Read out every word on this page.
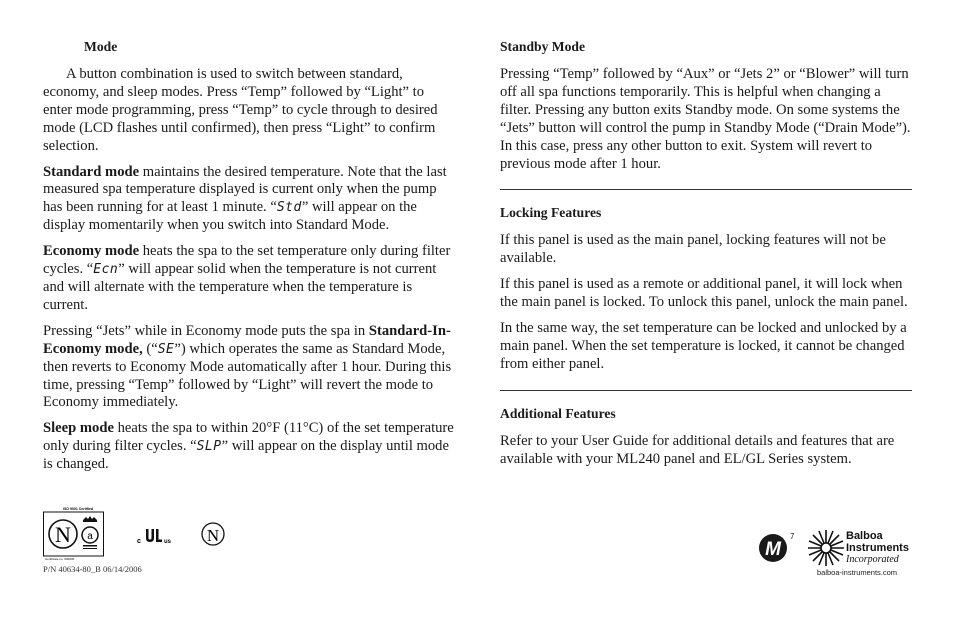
Mode

A button combination is used to switch between standard, economy, and sleep modes. Press “Temp” followed by “Light” to enter mode programming, press “Temp” to cycle through to desired mode (LCD flashes until confirmed), then press “Light” to confirm selection.

Standard mode maintains the desired temperature. Note that the last measured spa temperature displayed is current only when the pump has been running for at least 1 minute. “Std” will appear on the display momentarily when you switch into Standard Mode.

Economy mode heats the spa to the set temperature only during filter cycles. “Ecn” will appear solid when the temperature is not current and will alternate with the temperature when the temperature is current.

Pressing “Jets” while in Economy mode puts the spa in Standard-In-Economy mode, (“SE”) which operates the same as Standard Mode, then reverts to Economy Mode automatically after 1 hour. During this time, pressing “Temp” followed by “Light” will revert the mode to Economy immediately.

Sleep mode heats the spa to within 20°F (11°C) of the set temperature only during filter cycles. “SLP” will appear on the display until mode is changed.

Standby Mode

Pressing “Temp” followed by “Aux” or “Jets 2” or “Blower” will turn off all spa functions temporarily. This is helpful when changing a filter. Pressing any button exits Standby mode. On some systems the “Jets” button will control the pump in Standby Mode (“Drain Mode”). In this case, press any other button to exit. System will revert to previous mode after 1 hour.

Locking Features

If this panel is used as the main panel, locking features will not be available.

If this panel is used as a remote or additional panel, it will lock when the main panel is locked. To unlock this panel, unlock the main panel.

In the same way, the set temperature can be locked and unlocked by a main panel. When the set temperature is locked, it cannot be changed from either panel.

Additional Features

Refer to your User Guide for additional details and features that are available with your ML240 panel and EL/GL Series system.

ISO 9001 Certified
N a
Certificate no. 000000
c	us N
P/N 40634-80_B 06/14/2006
M
7	Balboa
Instruments
Incorporated
balboa-instruments.com
